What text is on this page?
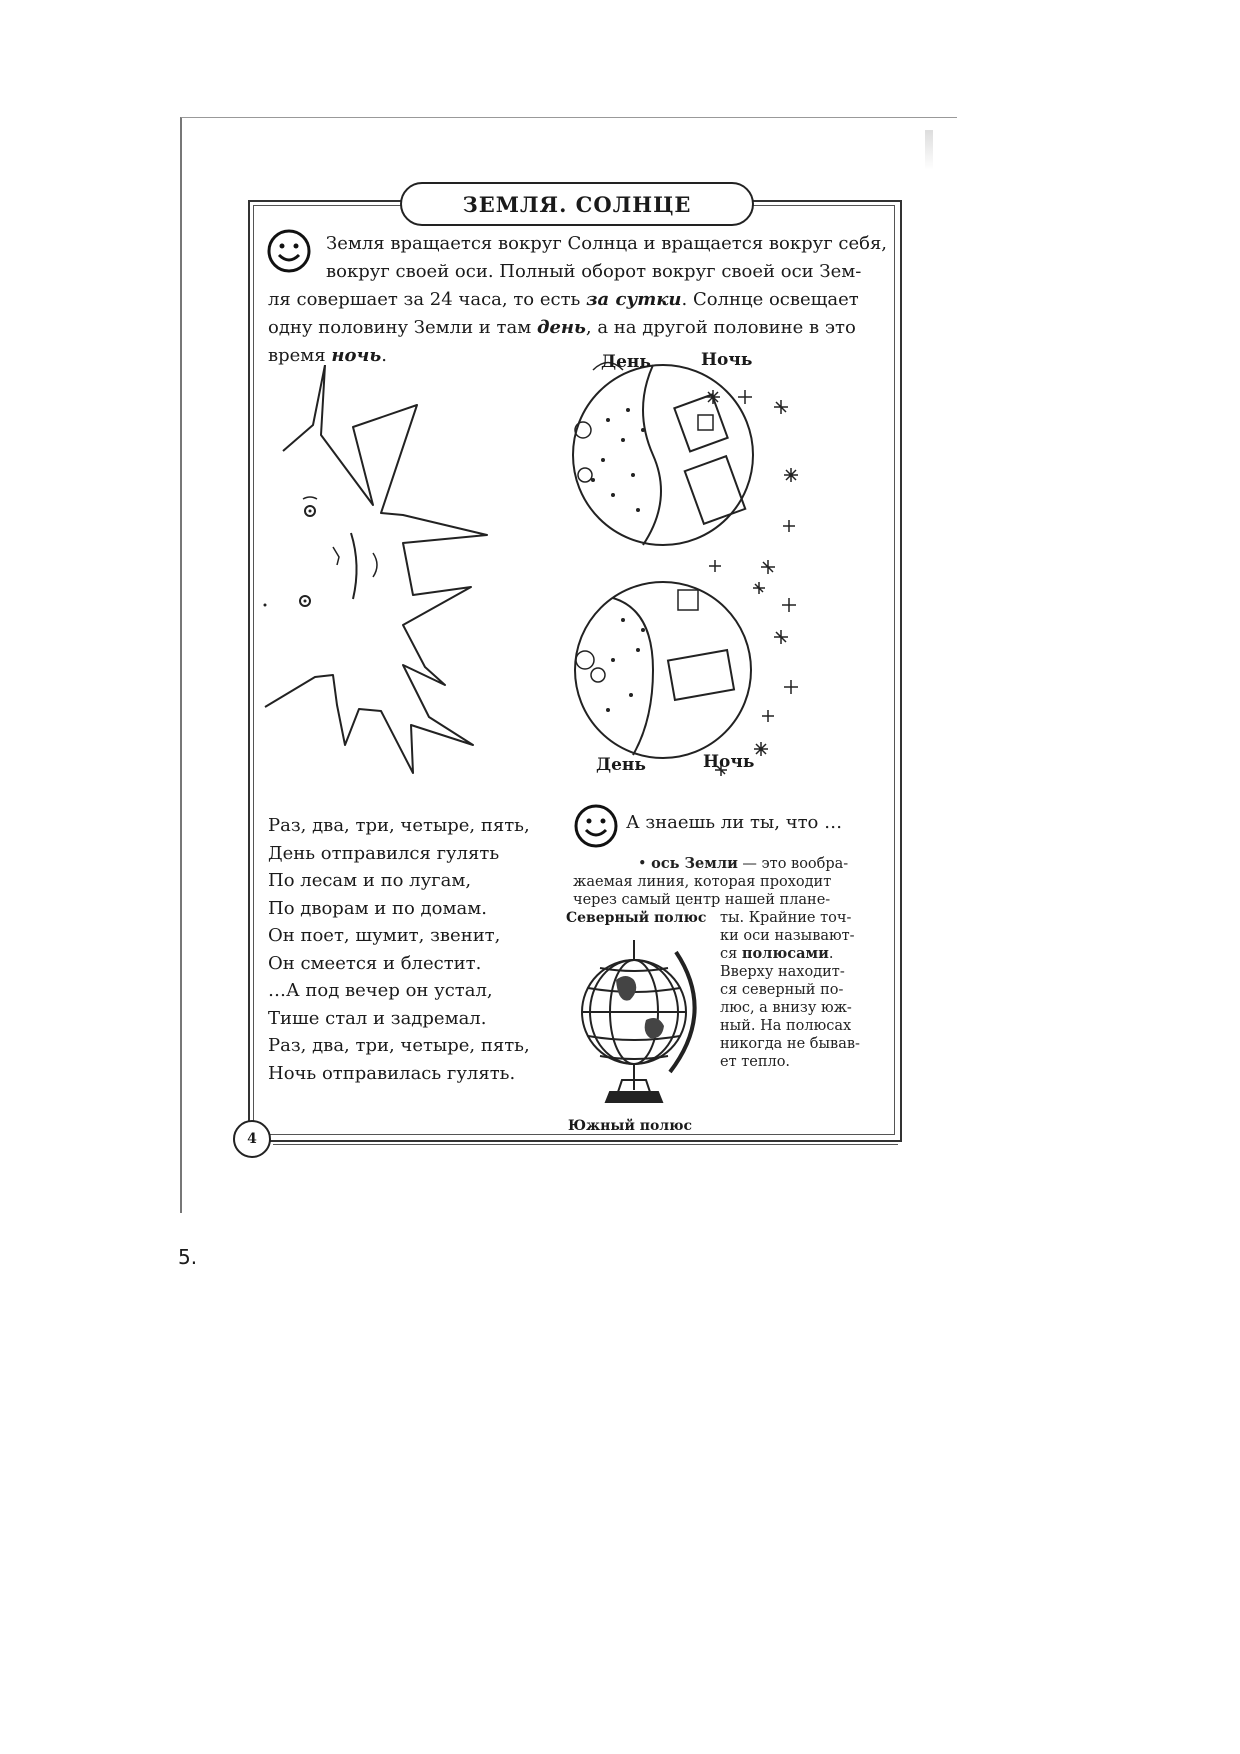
ЗЕМЛЯ. СОЛНЦЕ
Земля вращается вокруг Солнца и вращается вокруг себя,
вокруг своей оси. Полный оборот вокруг своей оси Зем-
ля совершает за 24 часа, то есть за сутки. Солнце освещает
одну половину Земли и там день, а на другой половине в это
время ночь.	День	Ночь
День	Ночь
Раз, два, три, четыре, пять,
День отправился гулять
По лесам и по лугам,
По дворам и по домам.
Он поет, шумит, звенит,
Он смеется и блестит.
…А под вечер он устал,
Тише стал и задремал.
Раз, два, три, четыре, пять,
Ночь отправилась гулять.
А знаешь ли ты, что …
• ось Земли — это вообра-
жаемая линия, которая проходит
через самый центр нашей плане-
ты. Крайние точ-
ки оси называют-
ся полюсами.
Вверху находит-
ся северный по-
люс, а внизу юж-
ный. На полюсах
никогда не бывав-
ет тепло.
Северный полюс
Южный полюс
4
5.
